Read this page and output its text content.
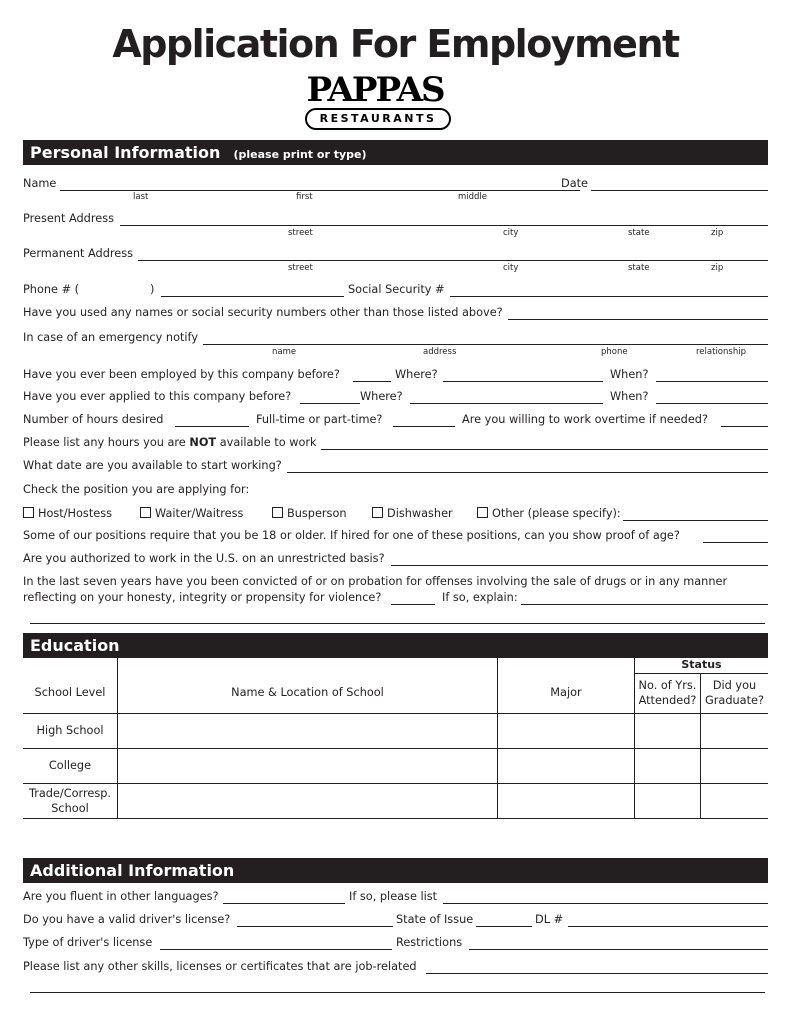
Application For Employment
PAPPAS
RESTAURANTS
Personal Information (please print or type)
Name	Date
last	first	middle
Present Address
street	city	state	zip
Permanent Address
street	city	state	zip
Phone # (	)	Social Security #
Have you used any names or social security numbers other than those listed above?
In case of an emergency notify
name	address	phone	relationship
Have you ever been employed by this company before?	Where?	When?
Have you ever applied to this company before?	Where?	When?
Number of hours desired	Full-time or part-time?	Are you willing to work overtime if needed?
Please list any hours you are NOT available to work
What date are you available to start working?
Check the position you are applying for:
Host/Hostess	Waiter/Waitress	Busperson	Dishwasher	Other (please specify):
Some of our positions require that you be 18 or older. If hired for one of these positions, can you show proof of age?
Are you authorized to work in the U.S. on an unrestricted basis?
In the last seven years have you been convicted of or on probation for offenses involving the sale of drugs or in any manner
reflecting on your honesty, integrity or propensity for violence?	If so, explain:
Education
School Level	Name & Location of School	Major	Status	
			No. of Yrs. Attended?	Did you Graduate?
High School				
College				
Trade/Corresp. School				
Additional Information
Are you fluent in other languages?	If so, please list
Do you have a valid driver's license?	State of Issue	DL #
Type of driver's license	Restrictions
Please list any other skills, licenses or certificates that are job-related
